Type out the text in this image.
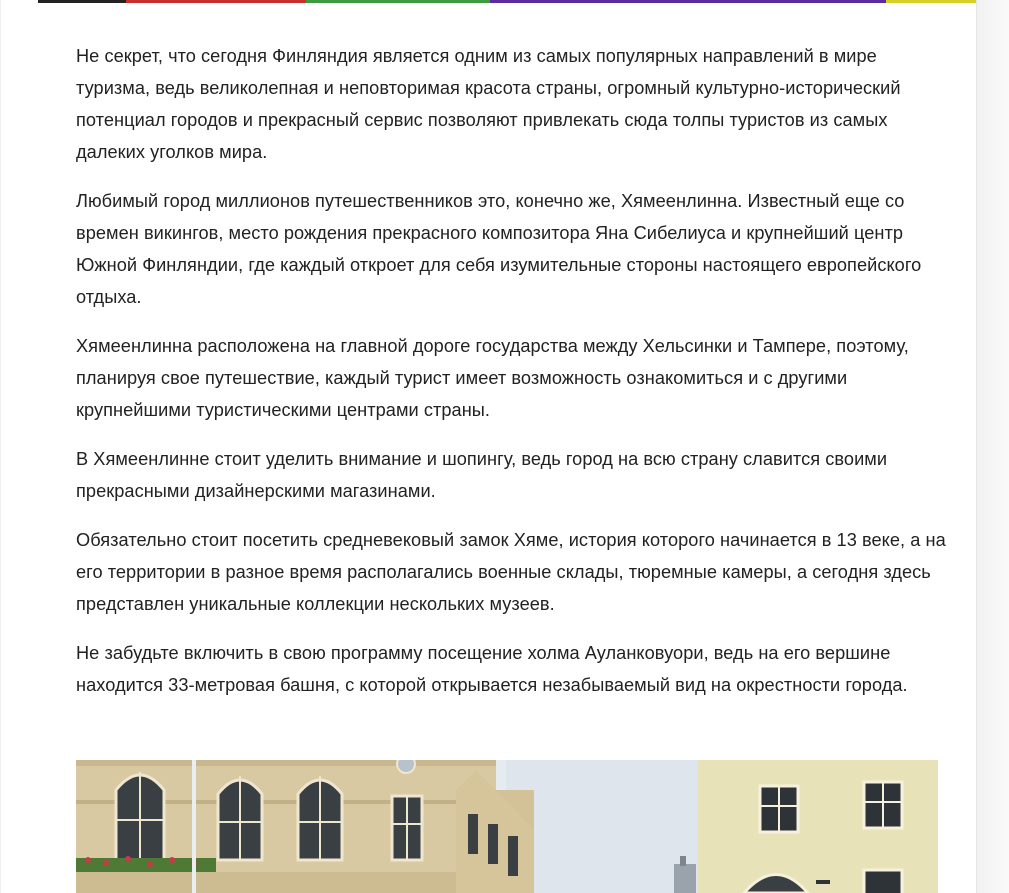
Не секрет, что сегодня Финляндия является одним из самых популярных направлений в мире туризма, ведь великолепная и неповторимая красота страны, огромный культурно-исторический потенциал городов и прекрасный сервис позволяют привлекать сюда толпы туристов из самых далеких уголков мира.

Любимый город миллионов путешественников это, конечно же, Хямеенлинна. Известный еще со времен викингов, место рождения прекрасного композитора Яна Сибелиуса и крупнейший центр Южной Финляндии, где каждый откроет для себя изумительные стороны настоящего европейского отдыха.

Хямеенлинна расположена на главной дороге государства между Хельсинки и Тампере, поэтому, планируя свое путешествие, каждый турист имеет возможность ознакомиться и с другими крупнейшими туристическими центрами страны.

В Хямеенлинне стоит уделить внимание и шопингу, ведь город на всю страну славится своими прекрасными дизайнерскими магазинами.

Обязательно стоит посетить средневековый замок Хяме, история которого начинается в 13 веке, а на его территории в разное время располагались военные склады, тюремные камеры, а сегодня здесь представлен уникальные коллекции нескольких музеев.

Не забудьте включить в свою программу посещение холма Ауланковуори, ведь на его вершине находится 33-метровая башня, с которой открывается незабываемый вид на окрестности города.
